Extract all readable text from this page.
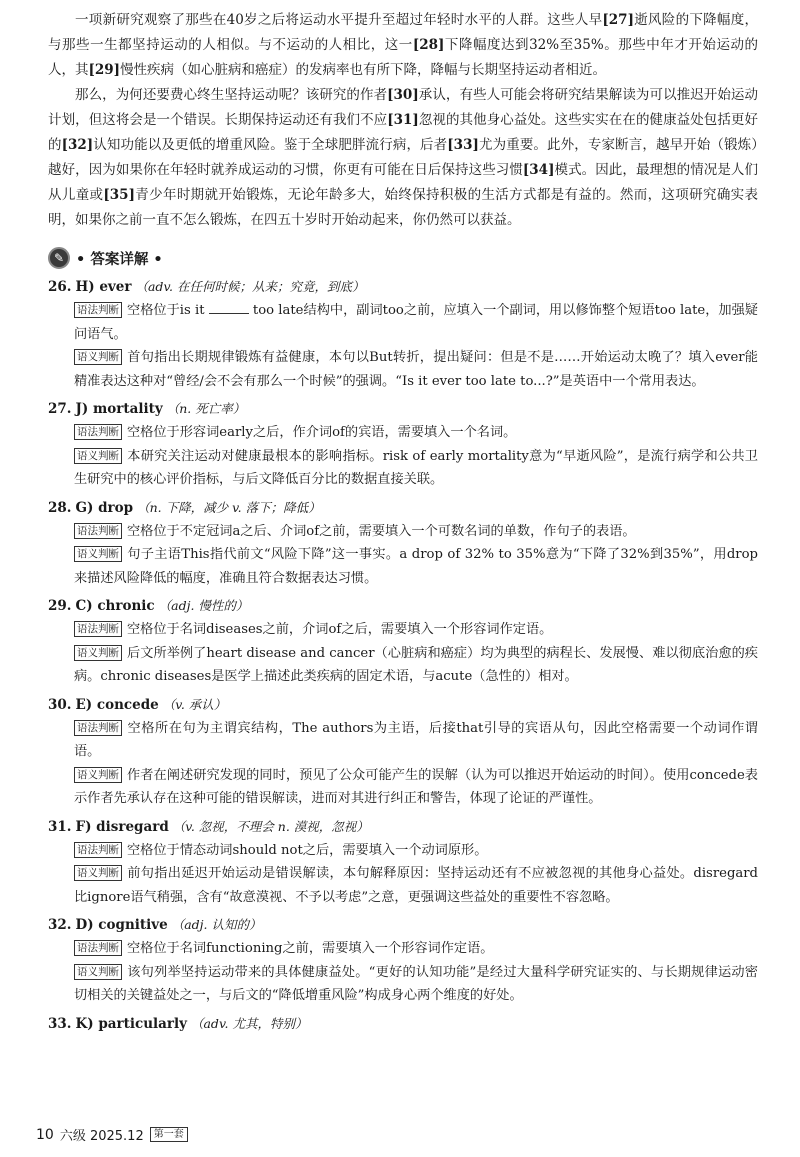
一项新研究观察了那些在40岁之后将运动水平提升至超过年轻时水平的人群。这些人早[27]逝风险的下降幅度，与那些一生都坚持运动的人相似。与不运动的人相比，这一[28]下降幅度达到32%至35%。那些中年才开始运动的人，其[29]慢性疾病（如心脏病和癌症）的发病率也有所下降，降幅与长期坚持运动者相近。

那么，为何还要费心终生坚持运动呢？该研究的作者[30]承认，有些人可能会将研究结果解读为可以推迟开始运动计划，但这将会是一个错误。长期保持运动还有我们不应[31]忽视的其他身心益处。这些实实在在的健康益处包括更好的[32]认知功能以及更低的增重风险。鉴于全球肥胖流行病，后者[33]尤为重要。此外，专家断言，越早开始（锻炼）越好，因为如果你在年轻时就养成运动的习惯，你更有可能在日后保持这些习惯[34]模式。因此，最理想的情况是人们从儿童或[35]青少年时期就开始锻炼，无论年龄多大，始终保持积极的生活方式都是有益的。然而，这项研究确实表明，如果你之前一直不怎么锻炼，在四五十岁时开始动起来，你仍然可以获益。

✎ • 答案详解 •
26. H) ever （adv. 在任何时候；从来；究竟，到底）
语法判断 空格位于is it	too late结构中，副词too之前，应填入一个副词，用以修饰整个短语too late，加强疑问语气。
语义判断 首句指出长期规律锻炼有益健康，本句以But转折，提出疑问：但是不是……开始运动太晚了？填入ever能精准表达这种对“曾经/会不会有那么一个时候”的强调。“Is it ever too late to...?”是英语中一个常用表达。
27. J) mortality （n. 死亡率）
语法判断 空格位于形容词early之后，作介词of的宾语，需要填入一个名词。
语义判断 本研究关注运动对健康最根本的影响指标。risk of early mortality意为“早逝风险”，是流行病学和公共卫生研究中的核心评价指标，与后文降低百分比的数据直接关联。
28. G) drop （n. 下降，减少 v. 落下；降低）
语法判断 空格位于不定冠词a之后、介词of之前，需要填入一个可数名词的单数，作句子的表语。
语义判断 句子主语This指代前文“风险下降”这一事实。a drop of 32% to 35%意为“下降了32%到35%”，用drop来描述风险降低的幅度，准确且符合数据表达习惯。
29. C) chronic （adj. 慢性的）
语法判断 空格位于名词diseases之前，介词of之后，需要填入一个形容词作定语。
语义判断 后文所举例了heart disease and cancer（心脏病和癌症）均为典型的病程长、发展慢、难以彻底治愈的疾病。chronic diseases是医学上描述此类疾病的固定术语，与acute（急性的）相对。
30. E) concede （v. 承认）
语法判断 空格所在句为主谓宾结构，The authors为主语，后接that引导的宾语从句，因此空格需要一个动词作谓语。
语义判断 作者在阐述研究发现的同时，预见了公众可能产生的误解（认为可以推迟开始运动的时间）。使用concede表示作者先承认存在这种可能的错误解读，进而对其进行纠正和警告，体现了论证的严谨性。
31. F) disregard （v. 忽视，不理会 n. 漠视，忽视）
语法判断 空格位于情态动词should not之后，需要填入一个动词原形。
语义判断 前句指出延迟开始运动是错误解读，本句解释原因：坚持运动还有不应被忽视的其他身心益处。disregard比ignore语气稍强，含有“故意漠视、不予以考虑”之意，更强调这些益处的重要性不容忽略。
32. D) cognitive （adj. 认知的）
语法判断 空格位于名词functioning之前，需要填入一个形容词作定语。
语义判断 该句列举坚持运动带来的具体健康益处。“更好的认知功能”是经过大量科学研究证实的、与长期规律运动密切相关的关键益处之一，与后文的“降低增重风险”构成身心两个维度的好处。
33. K) particularly （adv. 尤其，特别）
10 六级 2025.12	第一套
